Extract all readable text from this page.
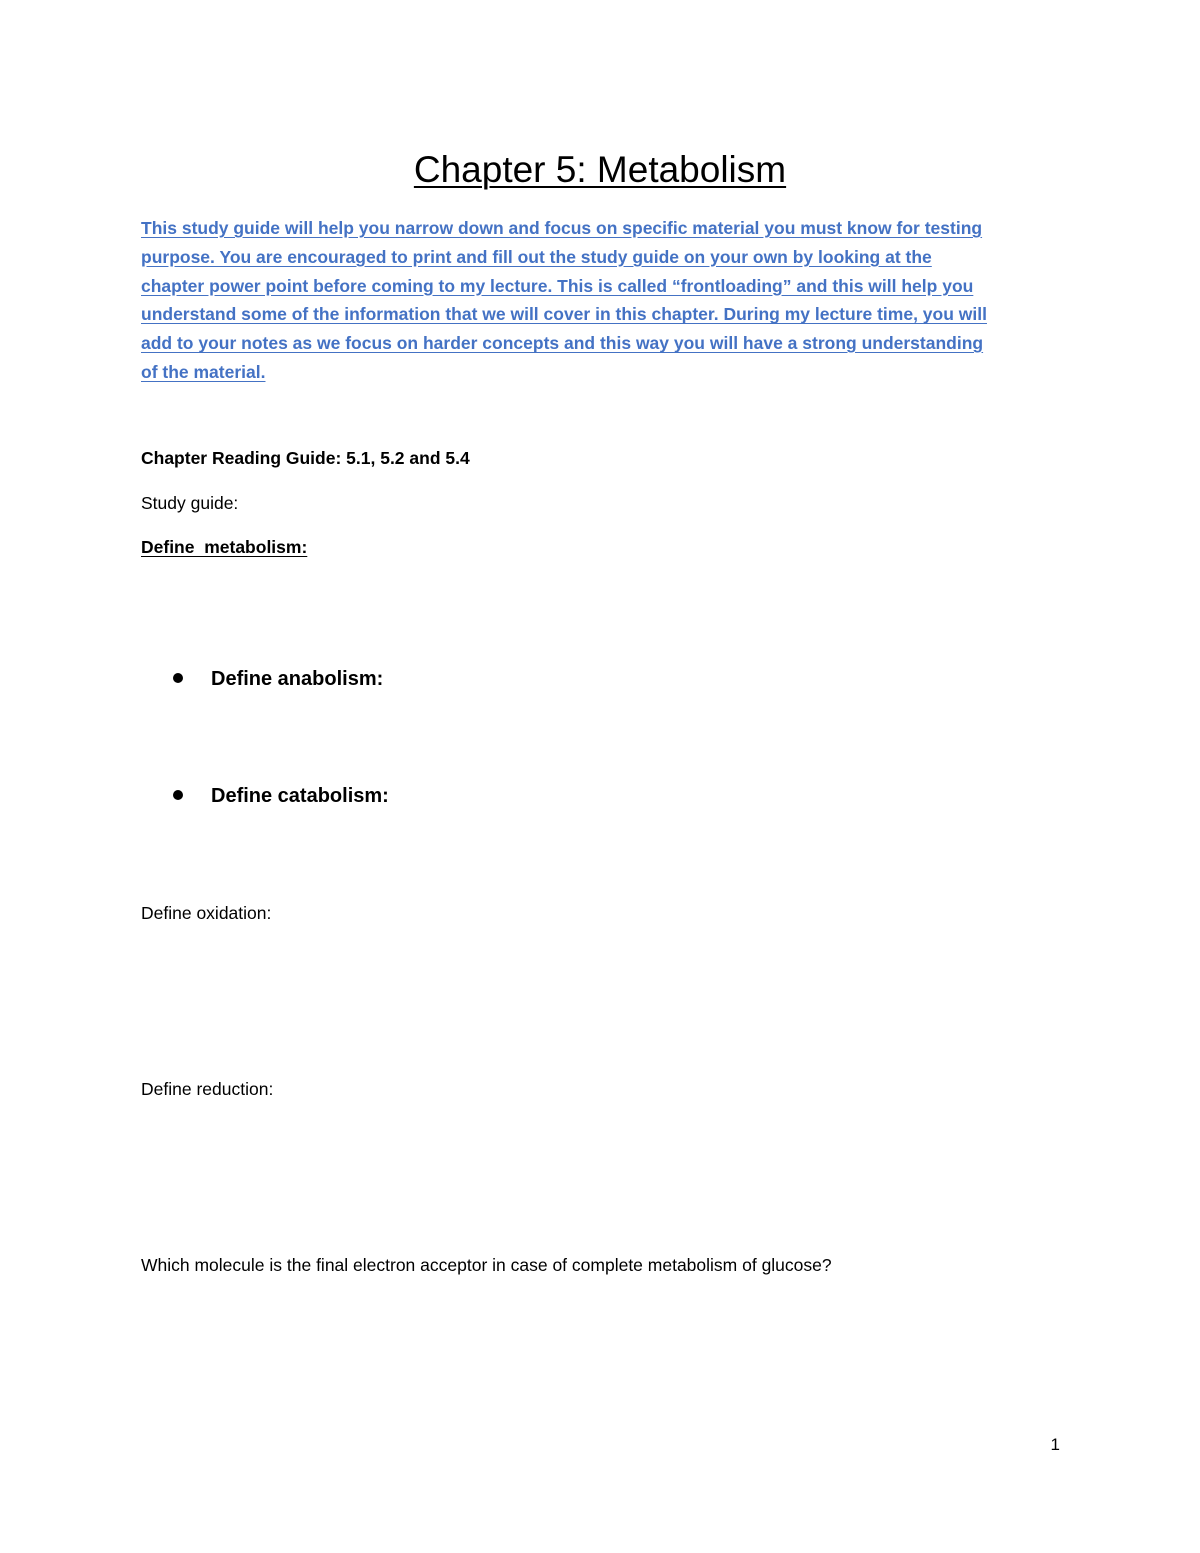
Chapter 5: Metabolism
This study guide will help you narrow down and focus on specific material you must know for testing
purpose. You are encouraged to print and fill out the study guide on your own by looking at the
chapter power point before coming to my lecture. This is called “frontloading” and this will help you
understand some of the information that we will cover in this chapter. During my lecture time, you will
add to your notes as we focus on harder concepts and this way you will have a strong understanding
of the material.
Chapter Reading Guide: 5.1, 5.2 and 5.4
Study guide:
Define  metabolism:
Define anabolism:
Define catabolism:
Define oxidation:
Define reduction:
Which molecule is the final electron acceptor in case of complete metabolism of glucose?
1
